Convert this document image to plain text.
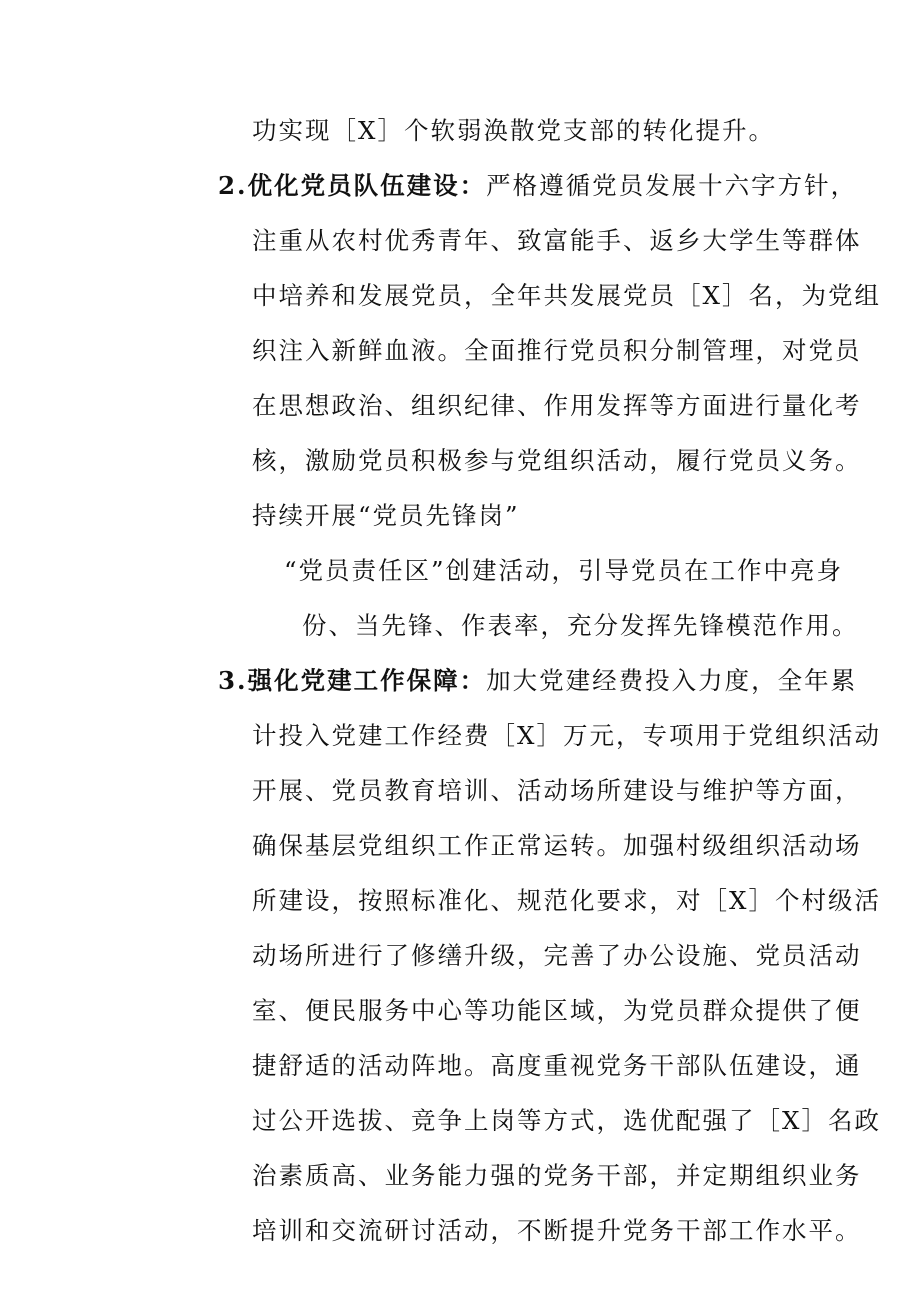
功实现［X］个软弱涣散党支部的转化提升。
2.优化党员队伍建设：严格遵循党员发展十六字方针，
注重从农村优秀青年、致富能手、返乡大学生等群体
中培养和发展党员，全年共发展党员［X］名，为党组
织注入新鲜血液。全面推行党员积分制管理，对党员
在思想政治、组织纪律、作用发挥等方面进行量化考
核，激励党员积极参与党组织活动，履行党员义务。
持续开展“党员先锋岗”
“党员责任区”创建活动，引导党员在工作中亮身
份、当先锋、作表率，充分发挥先锋模范作用。
3.强化党建工作保障：加大党建经费投入力度，全年累
计投入党建工作经费［X］万元，专项用于党组织活动
开展、党员教育培训、活动场所建设与维护等方面，
确保基层党组织工作正常运转。加强村级组织活动场
所建设，按照标准化、规范化要求，对［X］个村级活
动场所进行了修缮升级，完善了办公设施、党员活动
室、便民服务中心等功能区域，为党员群众提供了便
捷舒适的活动阵地。高度重视党务干部队伍建设，通
过公开选拔、竞争上岗等方式，选优配强了［X］名政
治素质高、业务能力强的党务干部，并定期组织业务
培训和交流研讨活动，不断提升党务干部工作水平。
